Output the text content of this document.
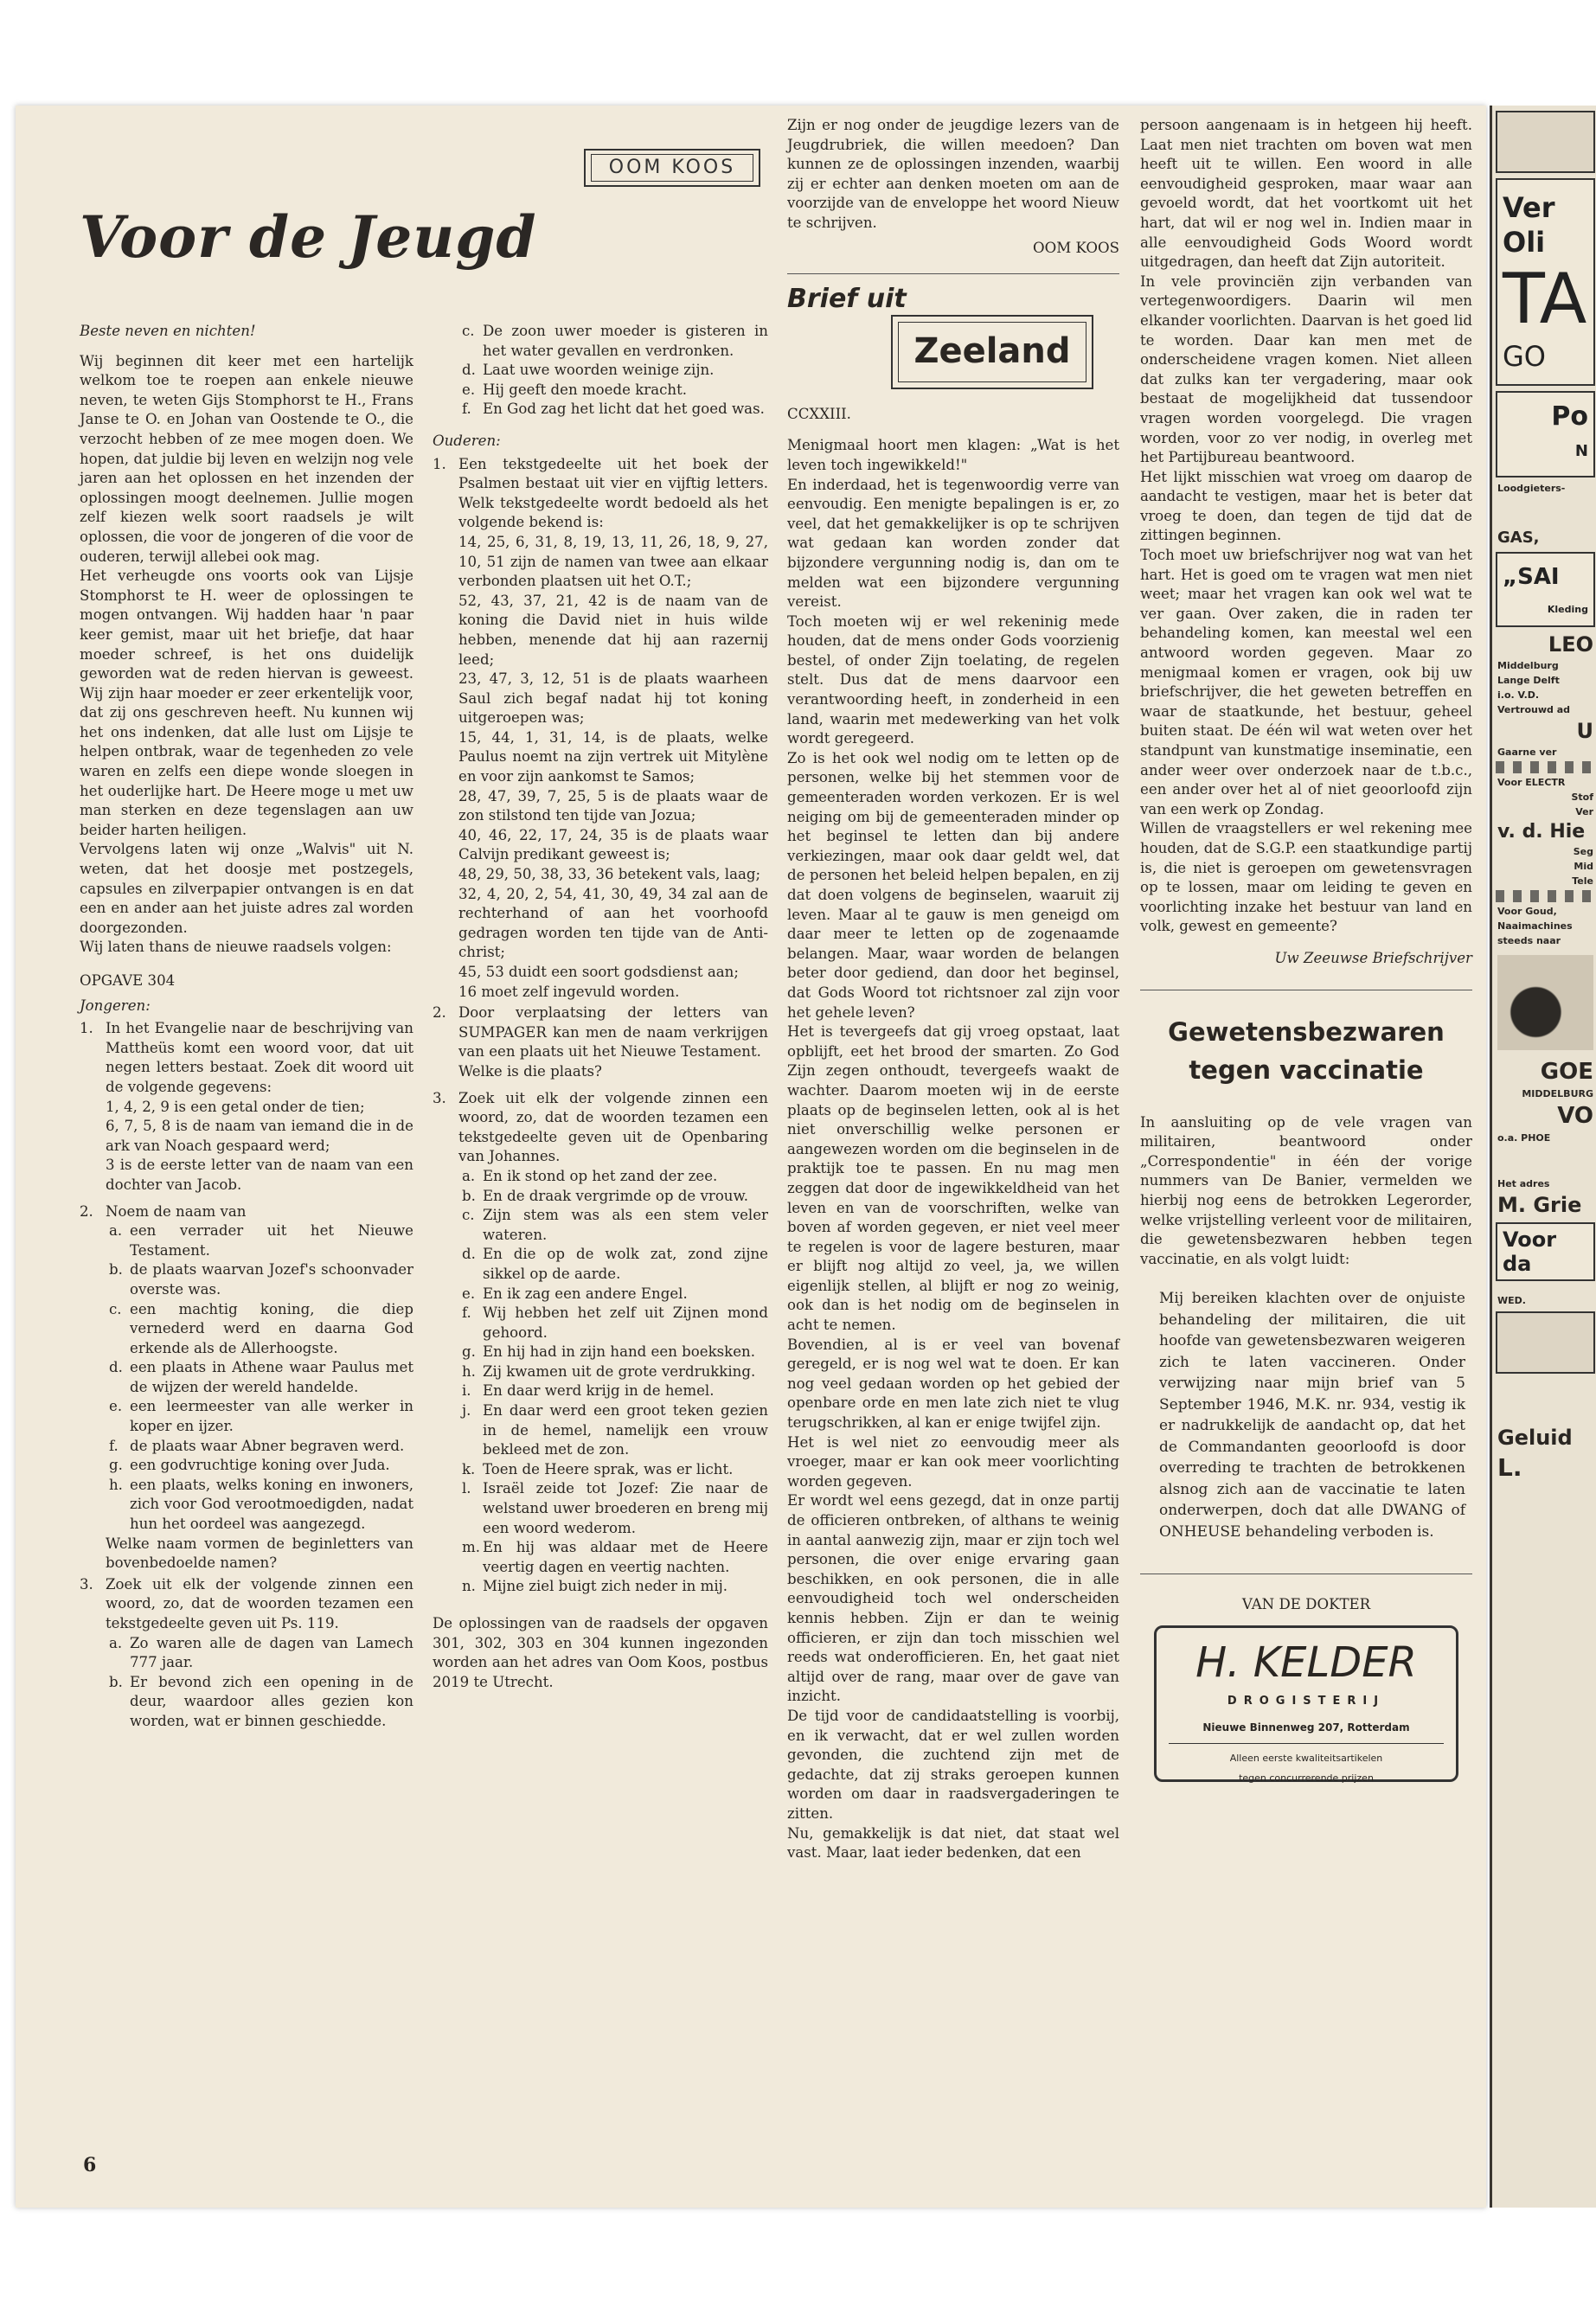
OOM KOOS
Voor de Jeugd

Beste neven en nichten!

Wij beginnen dit keer met een hartelijk welkom toe te roepen aan enkele nieuwe neven, te weten Gijs Stomphorst te H., Frans Janse te O. en Johan van Oostende te O., die verzocht hebben of ze mee mogen doen. We hopen, dat juldie bij leven en welzijn nog vele jaren aan het oplossen en het inzenden der oplossingen moogt deelnemen. Jullie mogen zelf kiezen welk soort raadsels je wilt oplossen, die voor de jongeren of die voor de ouderen, terwijl allebei ook mag.

Het verheugde ons voorts ook van Lijsje Stomphorst te H. weer de oplossingen te mogen ontvangen. Wij hadden haar 'n paar keer gemist, maar uit het briefje, dat haar moeder schreef, is het ons duidelijk geworden wat de reden hiervan is geweest. Wij zijn haar moeder er zeer erkentelijk voor, dat zij ons geschreven heeft. Nu kunnen wij het ons indenken, dat alle lust om Lijsje te helpen ontbrak, waar de tegenheden zo vele waren en zelfs een diepe wonde sloegen in het ouderlijke hart. De Heere moge u met uw man sterken en deze tegenslagen aan uw beider harten heiligen.

Vervolgens laten wij onze „Walvis" uit N. weten, dat het doosje met postzegels, capsules en zilverpapier ontvangen is en dat een en ander aan het juiste adres zal worden doorgezonden.

Wij laten thans de nieuwe raadsels volgen:

OPGAVE 304

Jongeren:

1. In het Evangelie naar de beschrijving van Mattheüs komt een woord voor, dat uit negen letters bestaat. Zoek dit woord uit de volgende gegevens:
1, 4, 2, 9 is een getal onder de tien;
6, 7, 5, 8 is de naam van iemand die in de ark van Noach gespaard werd;
3 is de eerste letter van de naam van een dochter van Jacob.
2. Noem de naam van
a. een verrader uit het Nieuwe Testament.
b. de plaats waarvan Jozef's schoonvader overste was.
c. een machtig koning, die diep vernederd werd en daarna God erkende als de Allerhoogste.
d. een plaats in Athene waar Paulus met de wijzen der wereld handelde.
e. een leermeester van alle werker in koper en ijzer.
f. de plaats waar Abner begraven werd.
g. een godvruchtige koning over Juda.
h. een plaats, welks koning en inwoners, zich voor God verootmoedigden, nadat hun het oordeel was aangezegd.
Welke naam vormen de beginletters van bovenbedoelde namen?
3. Zoek uit elk der volgende zinnen een woord, zo, dat de woorden tezamen een tekstgedeelte geven uit Ps. 119.
a. Zo waren alle de dagen van Lamech 777 jaar.
b. Er bevond zich een opening in de deur, waardoor alles gezien kon worden, wat er binnen geschiedde.
6
c. De zoon uwer moeder is gisteren in het water gevallen en verdronken.
d. Laat uwe woorden weinige zijn.
e. Hij geeft den moede kracht.
f. En God zag het licht dat het goed was.

Ouderen:

1. Een tekstgedeelte uit het boek der Psalmen bestaat uit vier en vijftig letters. Welk tekstgedeelte wordt bedoeld als het volgende bekend is:
14, 25, 6, 31, 8, 19, 13, 11, 26, 18, 9, 27, 10, 51 zijn de namen van twee aan elkaar verbonden plaatsen uit het O.T.;
52, 43, 37, 21, 42 is de naam van de koning die David niet in huis wilde hebben, menende dat hij aan razernij leed;
23, 47, 3, 12, 51 is de plaats waarheen Saul zich begaf nadat hij tot koning uitgeroepen was;
15, 44, 1, 31, 14, is de plaats, welke Paulus noemt na zijn vertrek uit Mitylène en voor zijn aankomst te Samos;
28, 47, 39, 7, 25, 5 is de plaats waar de zon stilstond ten tijde van Jozua;
40, 46, 22, 17, 24, 35 is de plaats waar Calvijn predikant geweest is;
48, 29, 50, 38, 33, 36 betekent vals, laag;
32, 4, 20, 2, 54, 41, 30, 49, 34 zal aan de rechterhand of aan het voorhoofd gedragen worden ten tijde van de Anti-christ;
45, 53 duidt een soort godsdienst aan;
16 moet zelf ingevuld worden.
2. Door verplaatsing der letters van SUMPAGER kan men de naam verkrijgen van een plaats uit het Nieuwe Testament.
Welke is die plaats?
3. Zoek uit elk der volgende zinnen een woord, zo, dat de woorden tezamen een tekstgedeelte geven uit de Openbaring van Johannes.
a. En ik stond op het zand der zee.
b. En de draak vergrimde op de vrouw.
c. Zijn stem was als een stem veler wateren.
d. En die op de wolk zat, zond zijne sikkel op de aarde.
e. En ik zag een andere Engel.
f. Wij hebben het zelf uit Zijnen mond gehoord.
g. En hij had in zijn hand een boeksken.
h. Zij kwamen uit de grote verdrukking.
i. En daar werd krijg in de hemel.
j. En daar werd een groot teken gezien in de hemel, namelijk een vrouw bekleed met de zon.
k. Toen de Heere sprak, was er licht.
l. Israël zeide tot Jozef: Zie naar de welstand uwer broederen en breng mij een woord wederom.
m. En hij was aldaar met de Heere veertig dagen en veertig nachten.
n. Mijne ziel buigt zich neder in mij.

De oplossingen van de raadsels der opgaven 301, 302, 303 en 304 kunnen ingezonden worden aan het adres van Oom Koos, postbus 2019 te Utrecht.

Zijn er nog onder de jeugdige lezers van de Jeugdrubriek, die willen meedoen? Dan kunnen ze de oplossingen inzenden, waarbij zij er echter aan denken moeten om aan de voorzijde van de enveloppe het woord Nieuw te schrijven.

OOM KOOS

Brief uit
Zeeland

CCXXIII.

Menigmaal hoort men klagen: „Wat is het leven toch ingewikkeld!"

En inderdaad, het is tegenwoordig verre van eenvoudig. Een menigte bepalingen is er, zo veel, dat het gemakkelijker is op te schrijven wat gedaan kan worden zonder dat bijzondere vergunning nodig is, dan om te melden wat een bijzondere vergunning vereist.

Toch moeten wij er wel rekeninig mede houden, dat de mens onder Gods voorzienig bestel, of onder Zijn toelating, de regelen stelt. Dus dat de mens daarvoor een verantwoording heeft, in zonderheid in een land, waarin met medewerking van het volk wordt geregeerd.

Zo is het ook wel nodig om te letten op de personen, welke bij het stemmen voor de gemeenteraden worden verkozen. Er is wel neiging om bij de gemeenteraden minder op het beginsel te letten dan bij andere verkiezingen, maar ook daar geldt wel, dat de personen het beleid helpen bepalen, en zij dat doen volgens de beginselen, waaruit zij leven. Maar al te gauw is men geneigd om daar meer te letten op de zogenaamde belangen. Maar, waar worden de belangen beter door gediend, dan door het beginsel, dat Gods Woord tot richtsnoer zal zijn voor het gehele leven?

Het is tevergeefs dat gij vroeg opstaat, laat opblijft, eet het brood der smarten. Zo God Zijn zegen onthoudt, tevergeefs waakt de wachter. Daarom moeten wij in de eerste plaats op de beginselen letten, ook al is het niet onverschillig welke personen er aangewezen worden om die beginselen in de praktijk toe te passen. En nu mag men zeggen dat door de ingewikkeldheid van het leven en van de voorschriften, welke van boven af worden gegeven, er niet veel meer te regelen is voor de lagere besturen, maar er blijft nog altijd zo veel, ja, we willen eigenlijk stellen, al blijft er nog zo weinig, ook dan is het nodig om de beginselen in acht te nemen.

Bovendien, al is er veel van bovenaf geregeld, er is nog wel wat te doen. Er kan nog veel gedaan worden op het gebied der openbare orde en men late zich niet te vlug terugschrikken, al kan er enige twijfel zijn.

Het is wel niet zo eenvoudig meer als vroeger, maar er kan ook meer voorlichting worden gegeven.

Er wordt wel eens gezegd, dat in onze partij de officieren ontbreken, of althans te weinig in aantal aanwezig zijn, maar er zijn toch wel personen, die over enige ervaring gaan beschikken, en ook personen, die in alle eenvoudigheid toch wel onderscheiden kennis hebben. Zijn er dan te weinig officieren, er zijn dan toch misschien wel reeds wat onderofficieren. En, het gaat niet altijd over de rang, maar over de gave van inzicht.

De tijd voor de candidaatstelling is voorbij, en ik verwacht, dat er wel zullen worden gevonden, die zuchtend zijn met de gedachte, dat zij straks geroepen kunnen worden om daar in raadsvergaderingen te zitten.

Nu, gemakkelijk is dat niet, dat staat wel vast. Maar, laat ieder bedenken, dat een

persoon aangenaam is in hetgeen hij heeft. Laat men niet trachten om boven wat men heeft uit te willen. Een woord in alle eenvoudigheid gesproken, maar waar aan gevoeld wordt, dat het voortkomt uit het hart, dat wil er nog wel in. Indien maar in alle eenvoudigheid Gods Woord wordt uitgedragen, dan heeft dat Zijn autoriteit.

In vele provinciën zijn verbanden van vertegenwoordigers. Daarin wil men elkander voorlichten. Daarvan is het goed lid te worden. Daar kan men met de onderscheidene vragen komen. Niet alleen dat zulks kan ter vergadering, maar ook bestaat de mogelijkheid dat tussendoor vragen worden voorgelegd. Die vragen worden, voor zo ver nodig, in overleg met het Partijbureau beantwoord.

Het lijkt misschien wat vroeg om daarop de aandacht te vestigen, maar het is beter dat vroeg te doen, dan tegen de tijd dat de zittingen beginnen.

Toch moet uw briefschrijver nog wat van het hart. Het is goed om te vragen wat men niet weet; maar het vragen kan ook wel wat te ver gaan. Over zaken, die in raden ter behandeling komen, kan meestal wel een antwoord worden gegeven. Maar zo menigmaal komen er vragen, ook bij uw briefschrijver, die het geweten betreffen en waar de staatkunde, het bestuur, geheel buiten staat. De één wil wat weten over het standpunt van kunstmatige inseminatie, een ander weer over onderzoek naar de t.b.c., een ander over het al of niet geoorloofd zijn van een werk op Zondag.

Willen de vraagstellers er wel rekening mee houden, dat de S.G.P. een staatkundige partij is, die niet is geroepen om gewetensvragen op te lossen, maar om leiding te geven en voorlichting inzake het bestuur van land en volk, gewest en gemeente?

Uw Zeeuwse Briefschrijver

Gewetensbezwaren
tegen vaccinatie

In aansluiting op de vele vragen van militairen, beantwoord onder „Correspondentie" in één der vorige nummers van De Banier, vermelden we hierbij nog eens de betrokken Legerorder, welke vrijstelling verleent voor de militairen, die gewetensbezwaren hebben tegen vaccinatie, en als volgt luidt:

Mij bereiken klachten over de onjuiste behandeling der militairen, die uit hoofde van gewetensbezwaren weigeren zich te laten vaccineren. Onder verwijzing naar mijn brief van 5 September 1946, M.K. nr. 934, vestig ik er nadrukkelijk de aandacht op, dat het de Commandanten geoorloofd is door overreding te trachten de betrokkenen alsnog zich aan de vaccinatie te laten onderwerpen, doch dat alle DWANG of ONHEUSE behandeling verboden is.

VAN DE DOKTER

H. KELDER
DROGISTERIJ
Nieuwe Binnenweg 207, Rotterdam
Alleen eerste kwaliteitsartikelen
tegen concurrerende prijzen
Ver
Oli
TA
GO
Po
N
Loodgieters-
GAS,
„SAI
Kleding
LEO
Middelburg
Lange Delft
i.o. V.D.
Vertrouwd ad
U
Gaarne ver
Voor ELECTR
Stof
Ver
v. d. Hie
Seg
Mid
Tele
Voor Goud,
Naaimachines
steeds naar
GOE
MIDDELBURG
VO
o.a. PHOE
Het adres
M. Grie
Voor da
WED.
Geluid
L.
